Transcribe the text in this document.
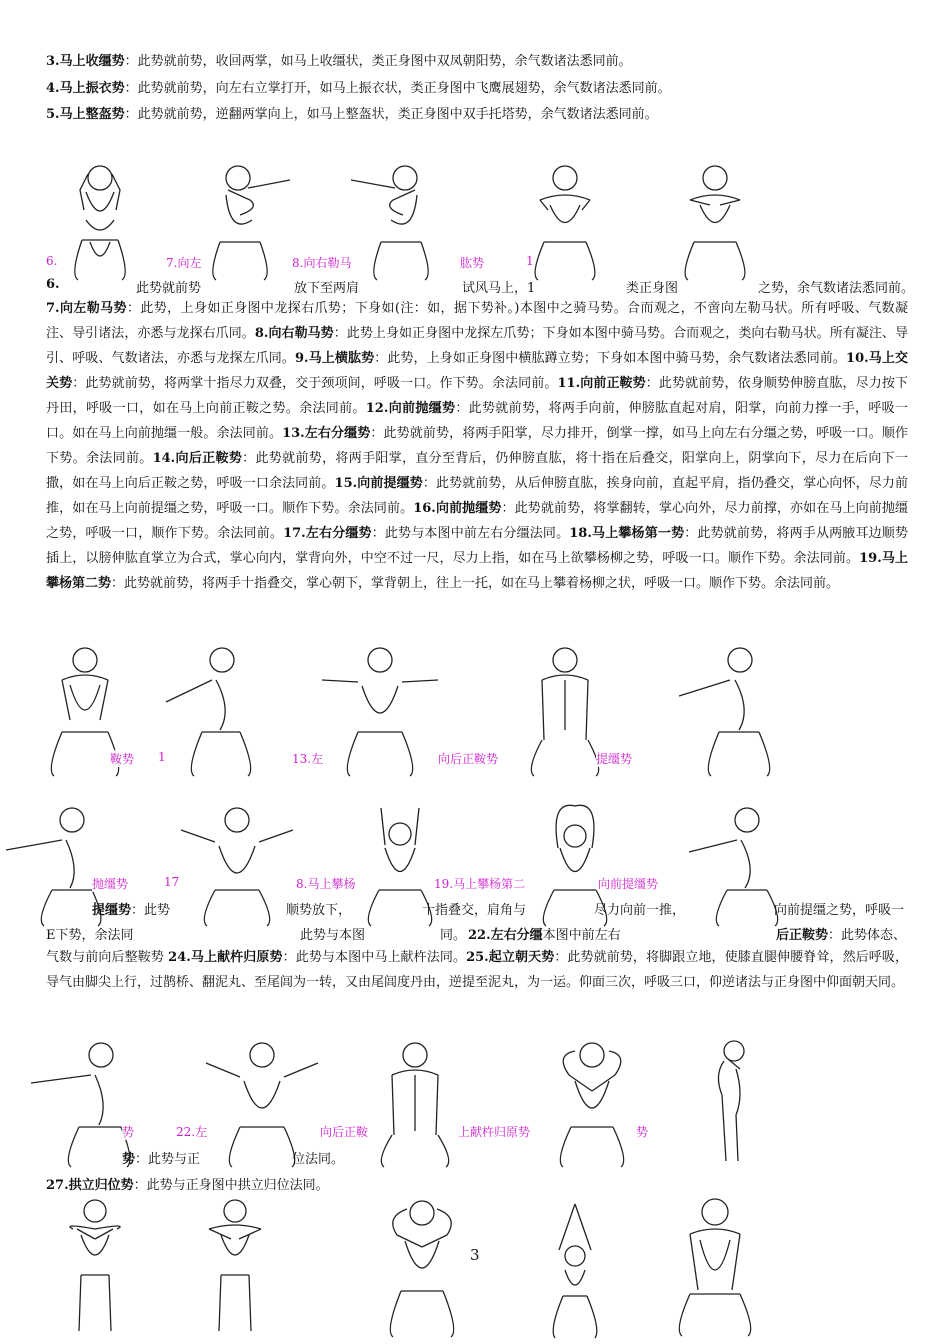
3.马上收缰势：此势就前势，收回两掌，如马上收缰状，类正身图中双凤朝阳势，余气数诸法悉同前。
4.马上振衣势：此势就前势，向左右立掌打开，如马上振衣状，类正身图中飞鹰展翅势，余气数诸法悉同前。
5.马上整盔势：此势就前势，逆翻两掌向上，如马上整盔状，类正身图中双手托塔势，余气数诸法悉同前。
6.	7.向左	8.向右勒马	肱势	1
6.	此势就前势	放下至两肩	试风马上，1	类正身图	之势，余气数诸法悉同前。
7.向左勒马势：此势，上身如正身图中龙探右爪势；下身如(注：如，据下势补。)本图中之骑马势。合而观之，不啻向左勒马状。所有呼吸、气数凝注、导引诸法，亦悉与龙探右爪同。8.向右勒马势：此势上身如正身图中龙探左爪势；下身如本图中骑马势。合而观之，类向右勒马状。所有凝注、导引、呼吸、气数诸法，亦悉与龙探左爪同。9.马上横肱势：此势，上身如正身图中横肱蹲立势；下身如本图中骑马势，余气数诸法悉同前。10.马上交关势：此势就前势，将两掌十指尽力双叠，交于颈项间，呼吸一口。作下势。余法同前。11.向前正鞍势：此势就前势，依身顺势伸膀直肱，尽力按下丹田，呼吸一口，如在马上向前正鞍之势。余法同前。12.向前抛缰势：此势就前势，将两手向前，伸膀肱直起对肩，阳掌，向前力撑一手，呼吸一口。如在马上向前抛缰一般。余法同前。13.左右分缰势：此势就前势，将两手阳掌，尽力排开，倒掌一撑，如马上向左右分缰之势，呼吸一口。顺作下势。余法同前。14.向后正鞍势：此势就前势，将两手阳掌，直分至背后，仍伸膀直肱，将十指在后叠交，阳掌向上，阴掌向下，尽力在后向下一撒，如在马上向后正鞍之势，呼吸一口余法同前。15.向前提缰势：此势就前势，从后伸膀直肱，挨身向前，直起平肩，指仍叠交，掌心向怀，尽力前推，如在马上向前提缰之势，呼吸一口。顺作下势。余法同前。16.向前抛缰势：此势就前势，将掌翻转，掌心向外，尽力前撑，亦如在马上向前抛缰之势，呼吸一口，顺作下势。余法同前。17.左右分缰势：此势与本图中前左右分缰法同。18.马上攀杨第一势：此势就前势，将两手从两腋耳边顺势插上，以膀伸肱直掌立为合式，掌心向内，掌背向外，中空不过一尺，尽力上指，如在马上欲攀杨柳之势，呼吸一口。顺作下势。余法同前。19.马上攀杨第二势：此势就前势，将两手十指叠交，掌心朝下，掌背朝上，往上一托，如在马上攀着杨柳之状，呼吸一口。顺作下势。余法同前。
鞍势 1	13.左	向后正鞍势	提缰势
抛缰势	17	8.马上攀杨	19.马上攀杨第二	向前提缰势
提缰势：此势	顺势放下，	十指叠交，肩角与	尽力向前一推，	向前提缰之势，呼吸一
E下势，余法同	此势与本图	同。 22.左右分缰本图中前左右	后正鞍势：此势体态、
气数与前向后整鞍势 24.马上献杵归原势：此势与本图中马上献杵法同。25.起立朝天势：此势就前势，将脚跟立地，使膝直腿伸腰脊耸，然后呼吸，导气由脚尖上行，过鹊桥、翻泥丸、至尾闾为一转，又由尾闾度丹由，逆提至泥丸，为一运。仰面三次，呼吸三口，仰逆诸法与正身图中仰面朝天同。
势	22.左	向后正鞍	上献杵归原势	势
势：此势与正	位法同。
27.拱立归位势：此势与正身图中拱立归位法同。
3
